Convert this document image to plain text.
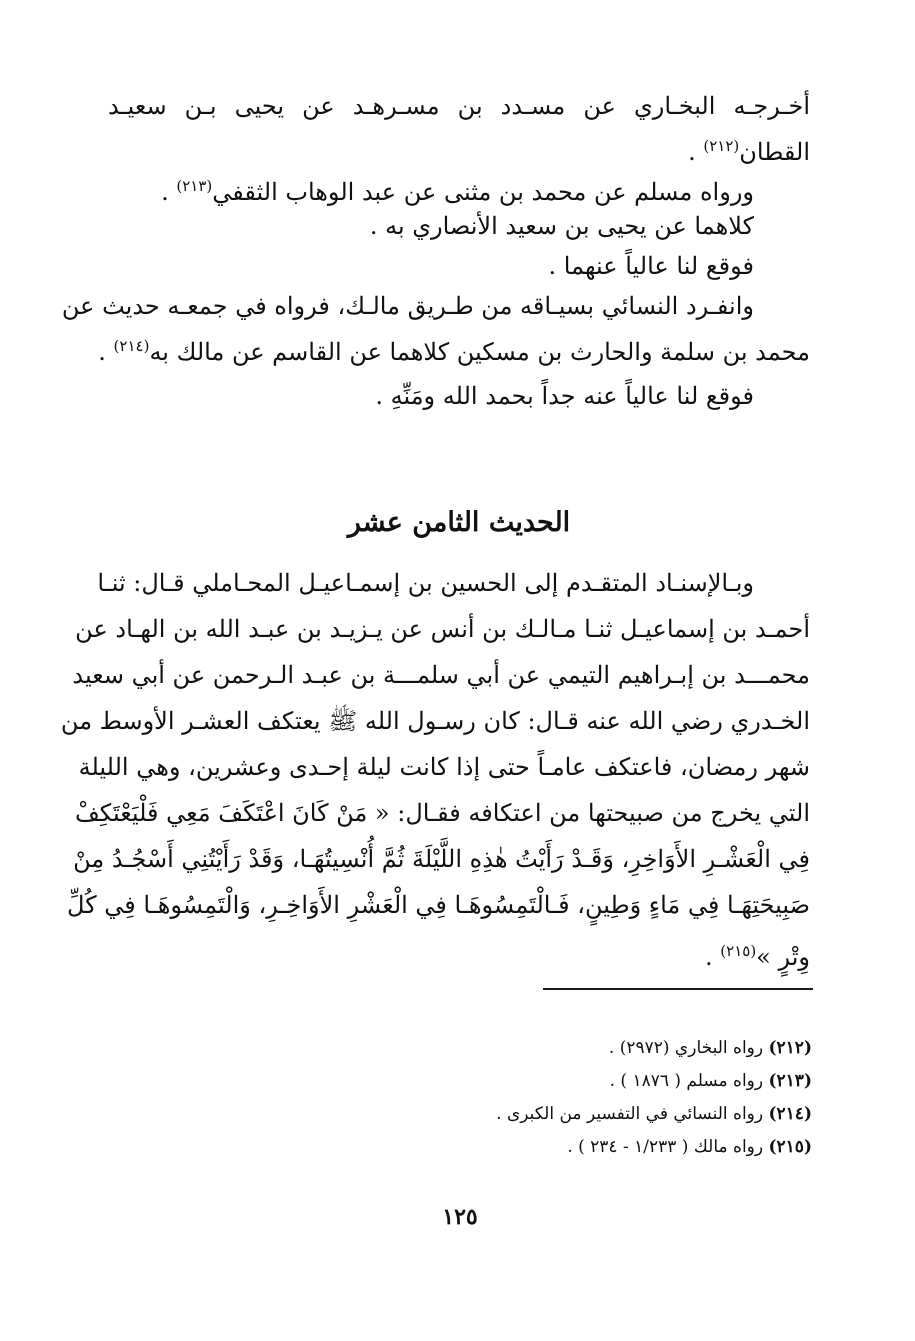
أخـرجـه البخـاري عن مسـدد بن مسـرهـد عن يحيى بـن سعيـد
القطان$^{(٢١٢)}$ .
ورواه مسلم عن محمد بن مثنى عن عبد الوهاب الثقفي$^{(٢١٣)}$ .
كلاهما عن يحيى بن سعيد الأنصاري به .
فوقع لنا عالياً عنهما .
وانفـرد النسائي بسيـاقه من طـريق مالـك، فرواه في جمعـه حديث عن
محمد بن سلمة والحارث بن مسكين كلاهما عن القاسم عن مالك به$^{(٢١٤)}$ .
فوقع لنا عالياً عنه جداً بحمد الله ومَنِّهِ .
الحديث الثامن عشر
وبـالإسنـاد المتقـدم إلى الحسين بن إسمـاعيـل المحـاملي قـال: ثنـا
أحمـد بن إسماعيـل ثنـا مـالـك بن أنس عن يـزيـد بن عبـد الله بن الهـاد عن
محمـــد بن إبـراهيم التيمي عن أبي سلمـــة بن عبـد الـرحمن عن أبي سعيد
الخـدري رضي الله عنه قـال: كان رسـول الله ﷺ يعتكف العشـر الأوسط من
شهر رمضان، فاعتكف عامـاً حتى إذا كانت ليلة إحـدى وعشرين، وهي الليلة
التي يخرج من صبيحتها من اعتكافه فقـال: « مَنْ كَانَ اعْتَكَفَ مَعِي فَلْيَعْتَكِفْ
فِي الْعَشْـرِ الأَوَاخِرِ، وَقَـدْ رَأَيْتُ هٰذِهِ اللَّيْلَةَ ثُمَّ أُنْسِيتُهَـا، وَقَدْ رَأَيْتُنِي أَسْجُـدُ مِنْ
صَبِيحَتِهَـا فِي مَاءٍ وَطِينٍ، فَـالْتَمِسُوهَـا فِي الْعَشْرِ الأَوَاخِـرِ، وَالْتَمِسُوهَـا فِي كُلِّ
وِتْرٍ »$^{(٢١٥)}$ .
(٢١٢) رواه البخاري (٢٩٧٢) .
(٢١٣) رواه مسلم ( ١٨٧٦ ) .
(٢١٤) رواه النسائي في التفسير من الكبرى .
(٢١٥) رواه مالك ( ١/٢٣٣ - ٢٣٤ ) .
١٢٥
